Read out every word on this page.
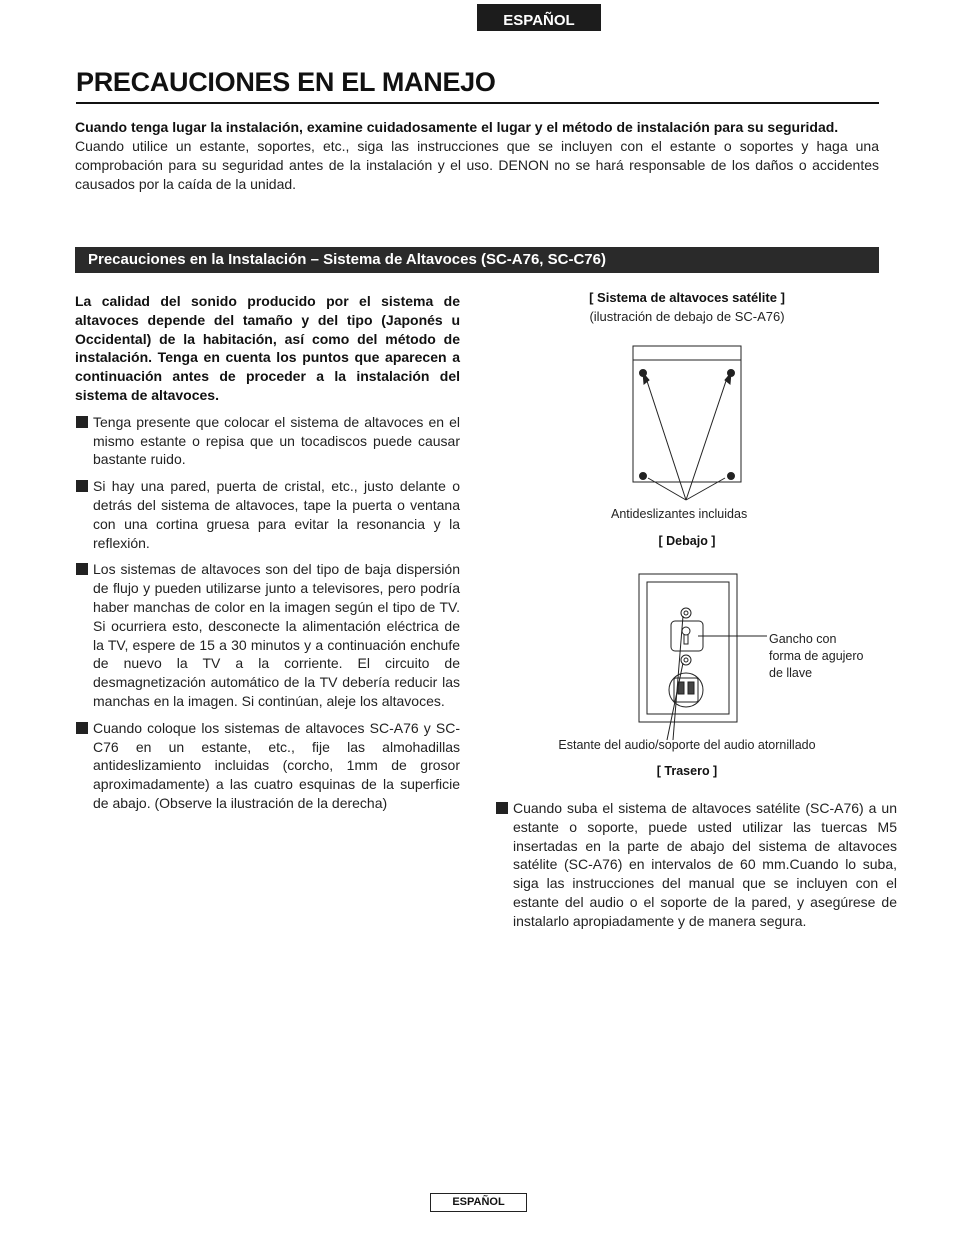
ESPAÑOL
PRECAUCIONES EN EL MANEJO

Cuando tenga lugar la instalación, examine cuidadosamente el lugar y el método de instalación para su seguridad.

Cuando utilice un estante, soportes, etc., siga las instrucciones que se incluyen con el estante o soportes y haga una comprobación para su seguridad antes de la instalación y el uso. DENON no se hará responsable de los daños o accidentes causados por la caída de la unidad.

Precauciones en la Instalación – Sistema de Altavoces (SC-A76, SC-C76)

La calidad del sonido producido por el sistema de altavoces depende del tamaño y del tipo (Japonés u Occidental) de la habitación, así como del método de instalación. Tenga en cuenta los puntos que aparecen a continuación antes de proceder a la instalación del sistema de altavoces.

Tenga presente que colocar el sistema de altavoces en el mismo estante o repisa que un tocadiscos puede causar bastante ruido.

Si hay una pared, puerta de cristal, etc., justo delante o detrás del sistema de altavoces, tape la puerta o ventana con una cortina gruesa para evitar la resonancia y la reflexión.

Los sistemas de altavoces son del tipo de baja dispersión de flujo y pueden utilizarse junto a televisores, pero podría haber manchas de color en la imagen según el tipo de TV. Si ocurriera esto, desconecte la alimentación eléctrica de la TV, espere de 15 a 30 minutos y a continuación enchufe de nuevo la TV a la corriente. El circuito de desmagnetización automático de la TV debería reducir las manchas en la imagen. Si continúan, aleje los altavoces.

Cuando coloque los sistemas de altavoces SC-A76 y SC-C76 en un estante, etc., fije las almohadillas antideslizamiento incluidas (corcho, 1mm de grosor aproximadamente) a las cuatro esquinas de la superficie de abajo. (Observe la ilustración de la derecha)

[ Sistema de altavoces satélite ]
(ilustración de debajo de SC-A76)
Antideslizantes incluidas
[ Debajo ]
Gancho con
forma de agujero
de llave
Estante del audio/soporte del audio atornillado
[ Trasero ]

Cuando suba el sistema de altavoces satélite (SC-A76) a un estante o soporte, puede usted utilizar las tuercas M5 insertadas en la parte de abajo del sistema de altavoces satélite (SC-A76) en intervalos de 60 mm.Cuando lo suba, siga las instrucciones del manual que se incluyen con el estante del audio o el soporte de la pared, y asegúrese de instalarlo apropiadamente y de manera segura.

ESPAÑOL
